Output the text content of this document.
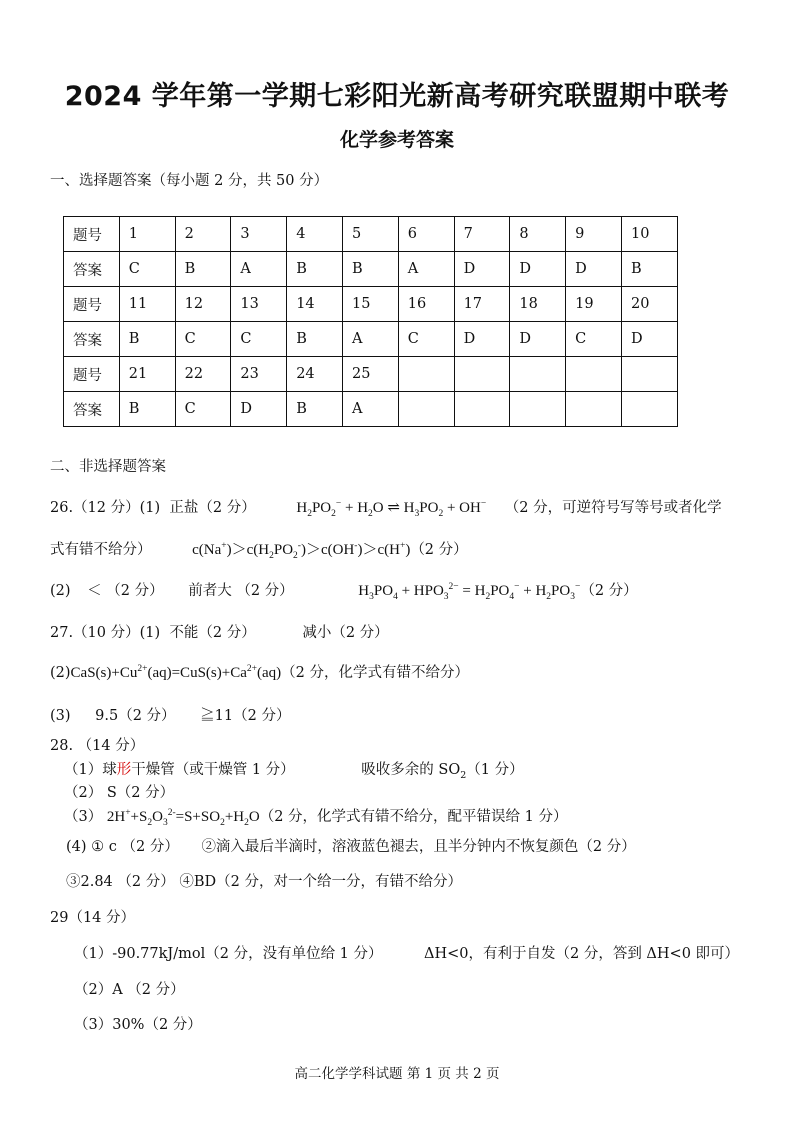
2024 学年第一学期七彩阳光新高考研究联盟期中联考
化学参考答案
一、选择题答案（每小题 2 分，共 50 分）
题号	1	2	3	4	5	6	7	8	9	10
答案	C	B	A	B	B	A	D	D	D	B
题号	11	12	13	14	15	16	17	18	19	20
答案	B	C	C	B	A	C	D	D	C	D
题号	21	22	23	24	25					
答案	B	C	D	B	A					
二、非选择题答案
26.（12 分）(1) 正盐（2 分）	$H_2PO_2^- + H_2O$ ⇌ $H_3PO_2 + OH^-$ （2 分，可逆符号写等号或者化学
式有错不给分）	$c(Na^+)>c(H_2PO_2^-)>c(OH^-)>c(H^+)(2$ 分）
(2) ＜ （2 分） 前者大 （2 分）	$H_3PO_4 + HPO_3^{2-} = H_2PO_4^- + H_2PO_3^-(2$ 分）
27.（10 分）(1) 不能（2 分）	减小（2 分）
$(2)CaS(s)+Cu^{2+}(aq)=CuS(s)+Ca^{2+}(aq)(2$ 分，化学式有错不给分）
(3) 9.5（2 分） ≧11（2 分）
28. （14 分）
（1）球形干燥管（或干燥管 1 分）	吸收多余的 $SO_2(1$ 分）
（2） S（2 分）
（3） $2H^++S_2O_3^{2-}=S+SO_2+H_2O(2$ 分，化学式有错不给分，配平错误给 1 分）
(4) ① c （2 分） ②滴入最后半滴时，溶液蓝色褪去，且半分钟内不恢复颜色（2 分）
③2.84 （2 分） ④BD（2 分，对一个给一分，有错不给分）
29（14 分）
（1）-90.77kJ/mol（2 分，没有单位给 1 分）	ΔH<0，有利于自发（2 分，答到 ΔH<0 即可）
（2）A （2 分）
（3）30%（2 分）
高二化学学科试题 第 1 页 共 2 页
